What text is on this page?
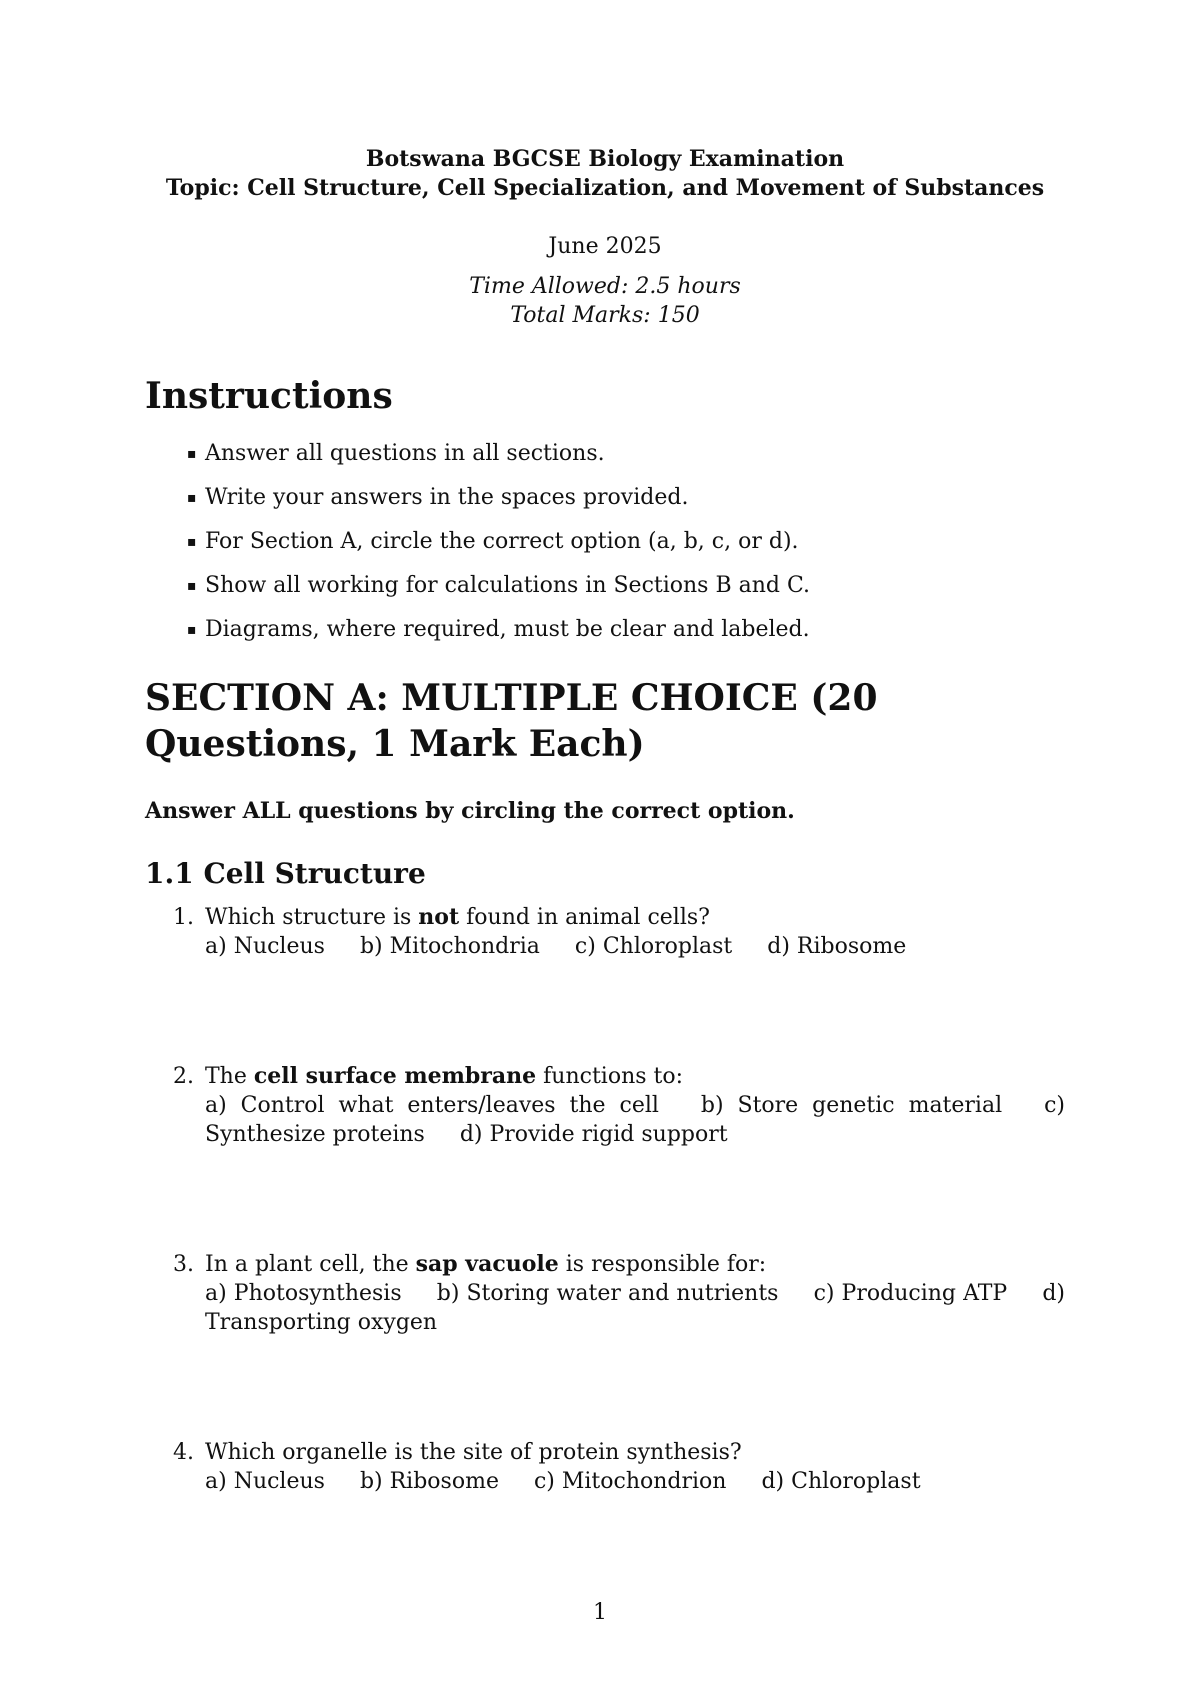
Botswana BGCSE Biology Examination

Topic: Cell Structure, Cell Specialization, and Movement of Substances

June 2025

Time Allowed: 2.5 hours

Total Marks: 150

Instructions
▪ Answer all questions in all sections.
▪ Write your answers in the spaces provided.
▪ For Section A, circle the correct option (a, b, c, or d).
▪ Show all working for calculations in Sections B and C.
▪ Diagrams, where required, must be clear and labeled.
SECTION A: MULTIPLE CHOICE (20 Questions, 1 Mark Each)

Answer ALL questions by circling the correct option.

1.1 Cell Structure
1. Which structure is not found in animal cells?
a) Nucleus b) Mitochondria c) Chloroplast d) Ribosome
2. The cell surface membrane functions to:
a) Control what enters/leaves the cell b) Store genetic material c) Synthesize proteins d) Provide rigid support
3. In a plant cell, the sap vacuole is responsible for:
a) Photosynthesis b) Storing water and nutrients c) Producing ATP d) Transporting oxygen
4. Which organelle is the site of protein synthesis?
a) Nucleus b) Ribosome c) Mitochondrion d) Chloroplast
1
